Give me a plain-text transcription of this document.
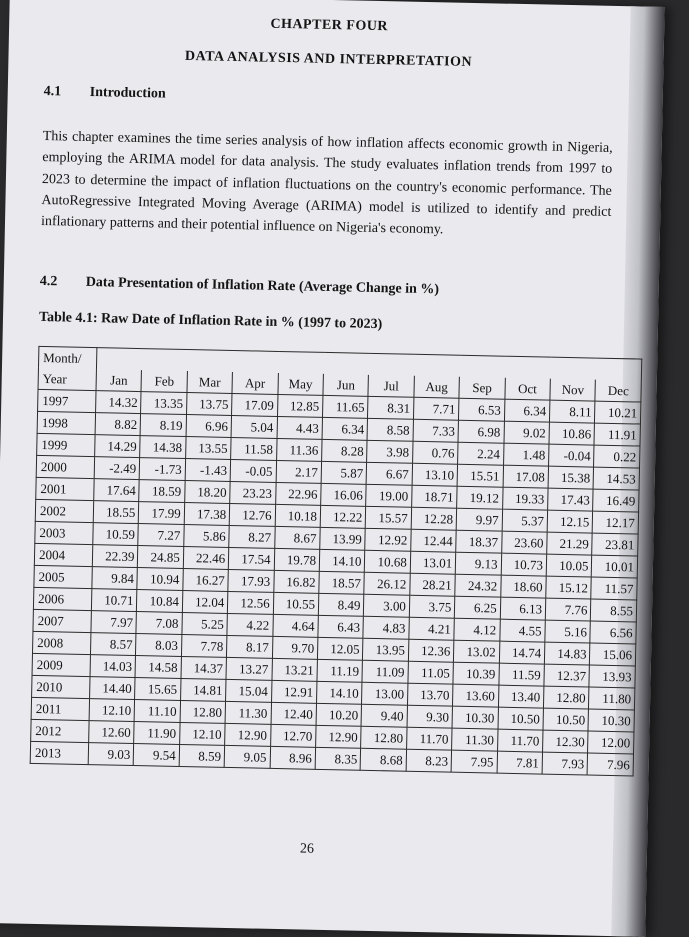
CHAPTER FOUR
DATA ANALYSIS AND INTERPRETATION
4.1 Introduction
This chapter examines the time series analysis of how inflation affects economic growth in Nigeria, employing the ARIMA model for data analysis. The study evaluates inflation trends from 1997 to 2023 to determine the impact of inflation fluctuations on the country's economic performance. The AutoRegressive Integrated Moving Average (ARIMA) model is utilized to identify and predict inflationary patterns and their potential influence on Nigeria's economy.
4.2 Data Presentation of Inflation Rate (Average Change in %)
Table 4.1: Raw Date of Inflation Rate in % (1997 to 2023)
Month/												
Year	Jan	Feb	Mar	Apr	May	Jun	Jul	Aug	Sep	Oct	Nov	Dec
1997	14.32	13.35	13.75	17.09	12.85	11.65	8.31	7.71	6.53	6.34	8.11	10.21
1998	8.82	8.19	6.96	5.04	4.43	6.34	8.58	7.33	6.98	9.02	10.86	11.91
1999	14.29	14.38	13.55	11.58	11.36	8.28	3.98	0.76	2.24	1.48	-0.04	0.22
2000	-2.49	-1.73	-1.43	-0.05	2.17	5.87	6.67	13.10	15.51	17.08	15.38	14.53
2001	17.64	18.59	18.20	23.23	22.96	16.06	19.00	18.71	19.12	19.33	17.43	16.49
2002	18.55	17.99	17.38	12.76	10.18	12.22	15.57	12.28	9.97	5.37	12.15	12.17
2003	10.59	7.27	5.86	8.27	8.67	13.99	12.92	12.44	18.37	23.60	21.29	23.81
2004	22.39	24.85	22.46	17.54	19.78	14.10	10.68	13.01	9.13	10.73	10.05	10.01
2005	9.84	10.94	16.27	17.93	16.82	18.57	26.12	28.21	24.32	18.60	15.12	11.57
2006	10.71	10.84	12.04	12.56	10.55	8.49	3.00	3.75	6.25	6.13	7.76	8.55
2007	7.97	7.08	5.25	4.22	4.64	6.43	4.83	4.21	4.12	4.55	5.16	6.56
2008	8.57	8.03	7.78	8.17	9.70	12.05	13.95	12.36	13.02	14.74	14.83	15.06
2009	14.03	14.58	14.37	13.27	13.21	11.19	11.09	11.05	10.39	11.59	12.37	13.93
2010	14.40	15.65	14.81	15.04	12.91	14.10	13.00	13.70	13.60	13.40	12.80	11.80
2011	12.10	11.10	12.80	11.30	12.40	10.20	9.40	9.30	10.30	10.50	10.50	10.30
2012	12.60	11.90	12.10	12.90	12.70	12.90	12.80	11.70	11.30	11.70	12.30	12.00
2013	9.03	9.54	8.59	9.05	8.96	8.35	8.68	8.23	7.95	7.81	7.93	7.96
26
